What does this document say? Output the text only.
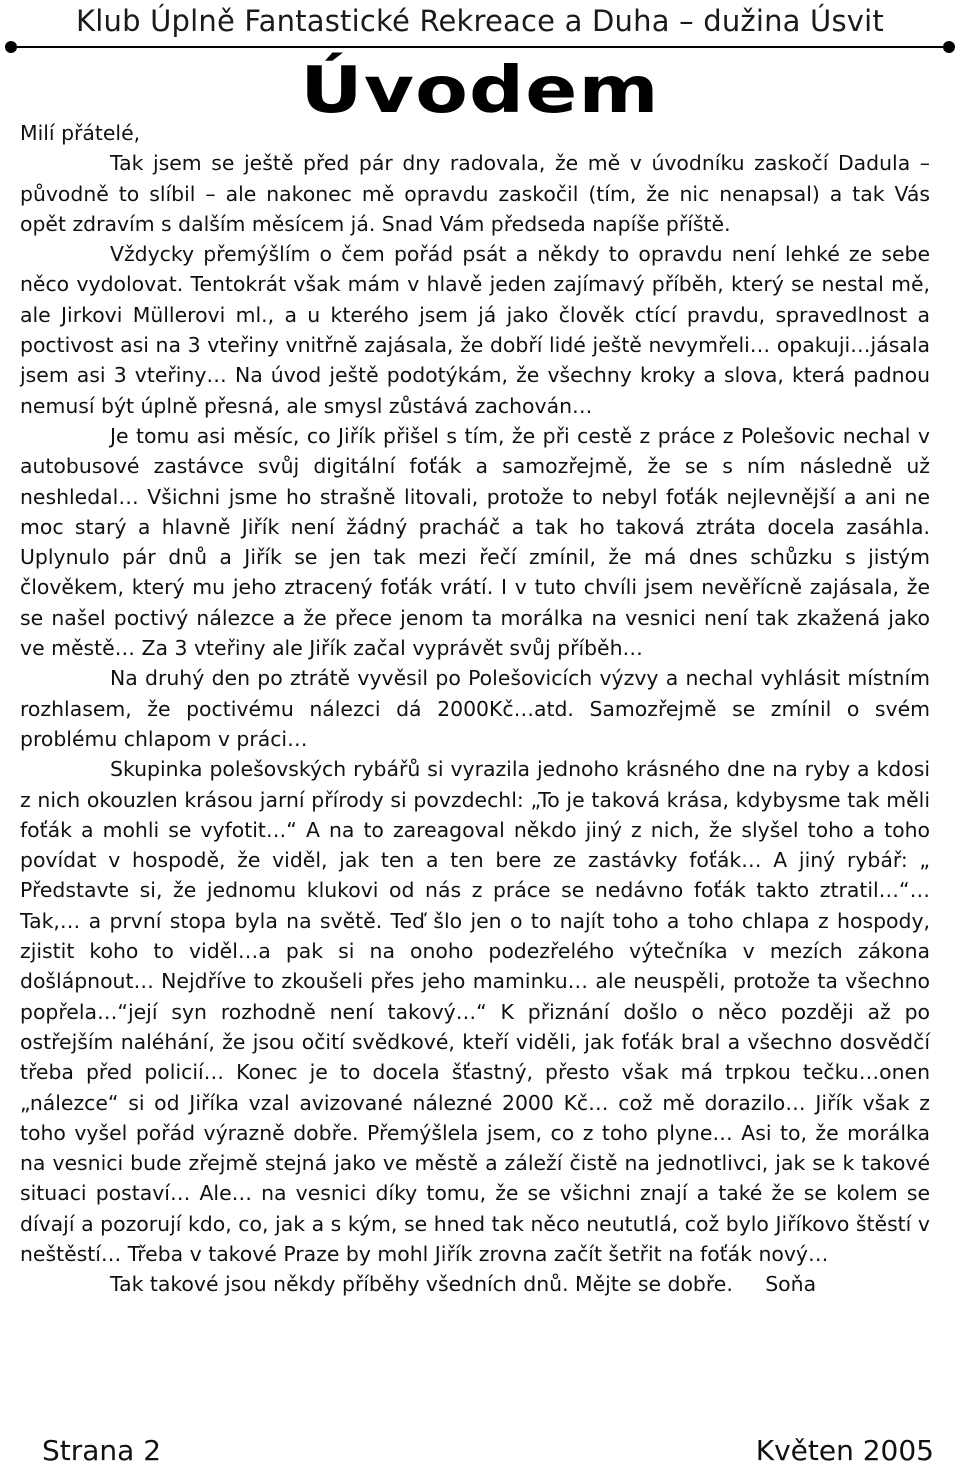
Klub Úplně Fantastické Rekreace a Duha – dužina Úsvit
Úvodem

Milí přátelé,

Tak jsem se ještě před pár dny radovala, že mě v úvodníku zaskočí Dadula – původně to slíbil – ale nakonec mě opravdu zaskočil (tím, že nic nenapsal) a tak Vás opět zdravím s dalším měsícem já. Snad Vám předseda napíše příště.

Vždycky přemýšlím o čem pořád psát a někdy to opravdu není lehké ze sebe něco vydolovat. Tentokrát však mám v hlavě jeden zajímavý příběh, který se nestal mě, ale Jirkovi Müllerovi ml., a u kterého jsem já jako člověk ctící pravdu, spravedlnost a poctivost asi na 3 vteřiny vnitřně zajásala, že dobří lidé ještě nevymřeli… opakuji…jásala jsem asi 3 vteřiny… Na úvod ještě podotýkám, že všechny kroky a slova, která padnou nemusí být úplně přesná, ale smysl zůstává zachován…

Je tomu asi měsíc, co Jiřík přišel s tím, že při cestě z práce z Polešovic nechal v autobusové zastávce svůj digitální foťák a samozřejmě, že se s ním následně už neshledal… Všichni jsme ho strašně litovali, protože to nebyl foťák nejlevnější a ani ne moc starý a hlavně Jiřík není žádný pracháč a tak ho taková ztráta docela zasáhla. Uplynulo pár dnů a Jiřík se jen tak mezi řečí zmínil, že má dnes schůzku s jistým člověkem, který mu jeho ztracený foťák vrátí. I v tuto chvíli jsem nevěřícně zajásala, že se našel poctivý nálezce a že přece jenom ta morálka na vesnici není tak zkažená jako ve městě… Za 3 vteřiny ale Jiřík začal vyprávět svůj příběh…

Na druhý den po ztrátě vyvěsil po Polešovicích výzvy a nechal vyhlásit místním rozhlasem, že poctivému nálezci dá 2000Kč…atd. Samozřejmě se zmínil o svém problému chlapom v práci…

Skupinka polešovských rybářů si vyrazila jednoho krásného dne na ryby a kdosi z nich okouzlen krásou jarní přírody si povzdechl: „To je taková krása, kdybysme tak měli foťák a mohli se vyfotit…“ A na to zareagoval někdo jiný z nich, že slyšel toho a toho povídat v hospodě, že viděl, jak ten a ten bere ze zastávky foťák… A jiný rybář: „ Představte si, že jednomu klukovi od nás z práce se nedávno foťák takto ztratil…“… Tak,… a první stopa byla na světě. Teď šlo jen o to najít toho a toho chlapa z hospody, zjistit koho to viděl…a pak si na onoho podezřelého výtečníka v mezích zákona došlápnout… Nejdříve to zkoušeli přes jeho maminku… ale neuspěli, protože ta všechno popřela…“její syn rozhodně není takový…“ K přiznání došlo o něco později až po ostřejším naléhání, že jsou očití svědkové, kteří viděli, jak foťák bral a všechno dosvědčí třeba před policií… Konec je to docela šťastný, přesto však má trpkou tečku…onen „nálezce“ si od Jiříka vzal avizované nálezné 2000 Kč… což mě dorazilo… Jiřík však z toho vyšel pořád výrazně dobře. Přemýšlela jsem, co z toho plyne… Asi to, že morálka na vesnici bude zřejmě stejná jako ve městě a záleží čistě na jednotlivci, jak se k takové situaci postaví… Ale… na vesnici díky tomu, že se všichni znají a také že se kolem se dívají a pozorují kdo, co, jak a s kým, se hned tak něco neututlá, což bylo Jiříkovo štěstí v neštěstí… Třeba v takové Praze by mohl Jiřík zrovna začít šetřit na foťák nový…

Tak takové jsou někdy příběhy všedních dnů. Mějte se dobře.     Soňa

Strana 2	Květen 2005
